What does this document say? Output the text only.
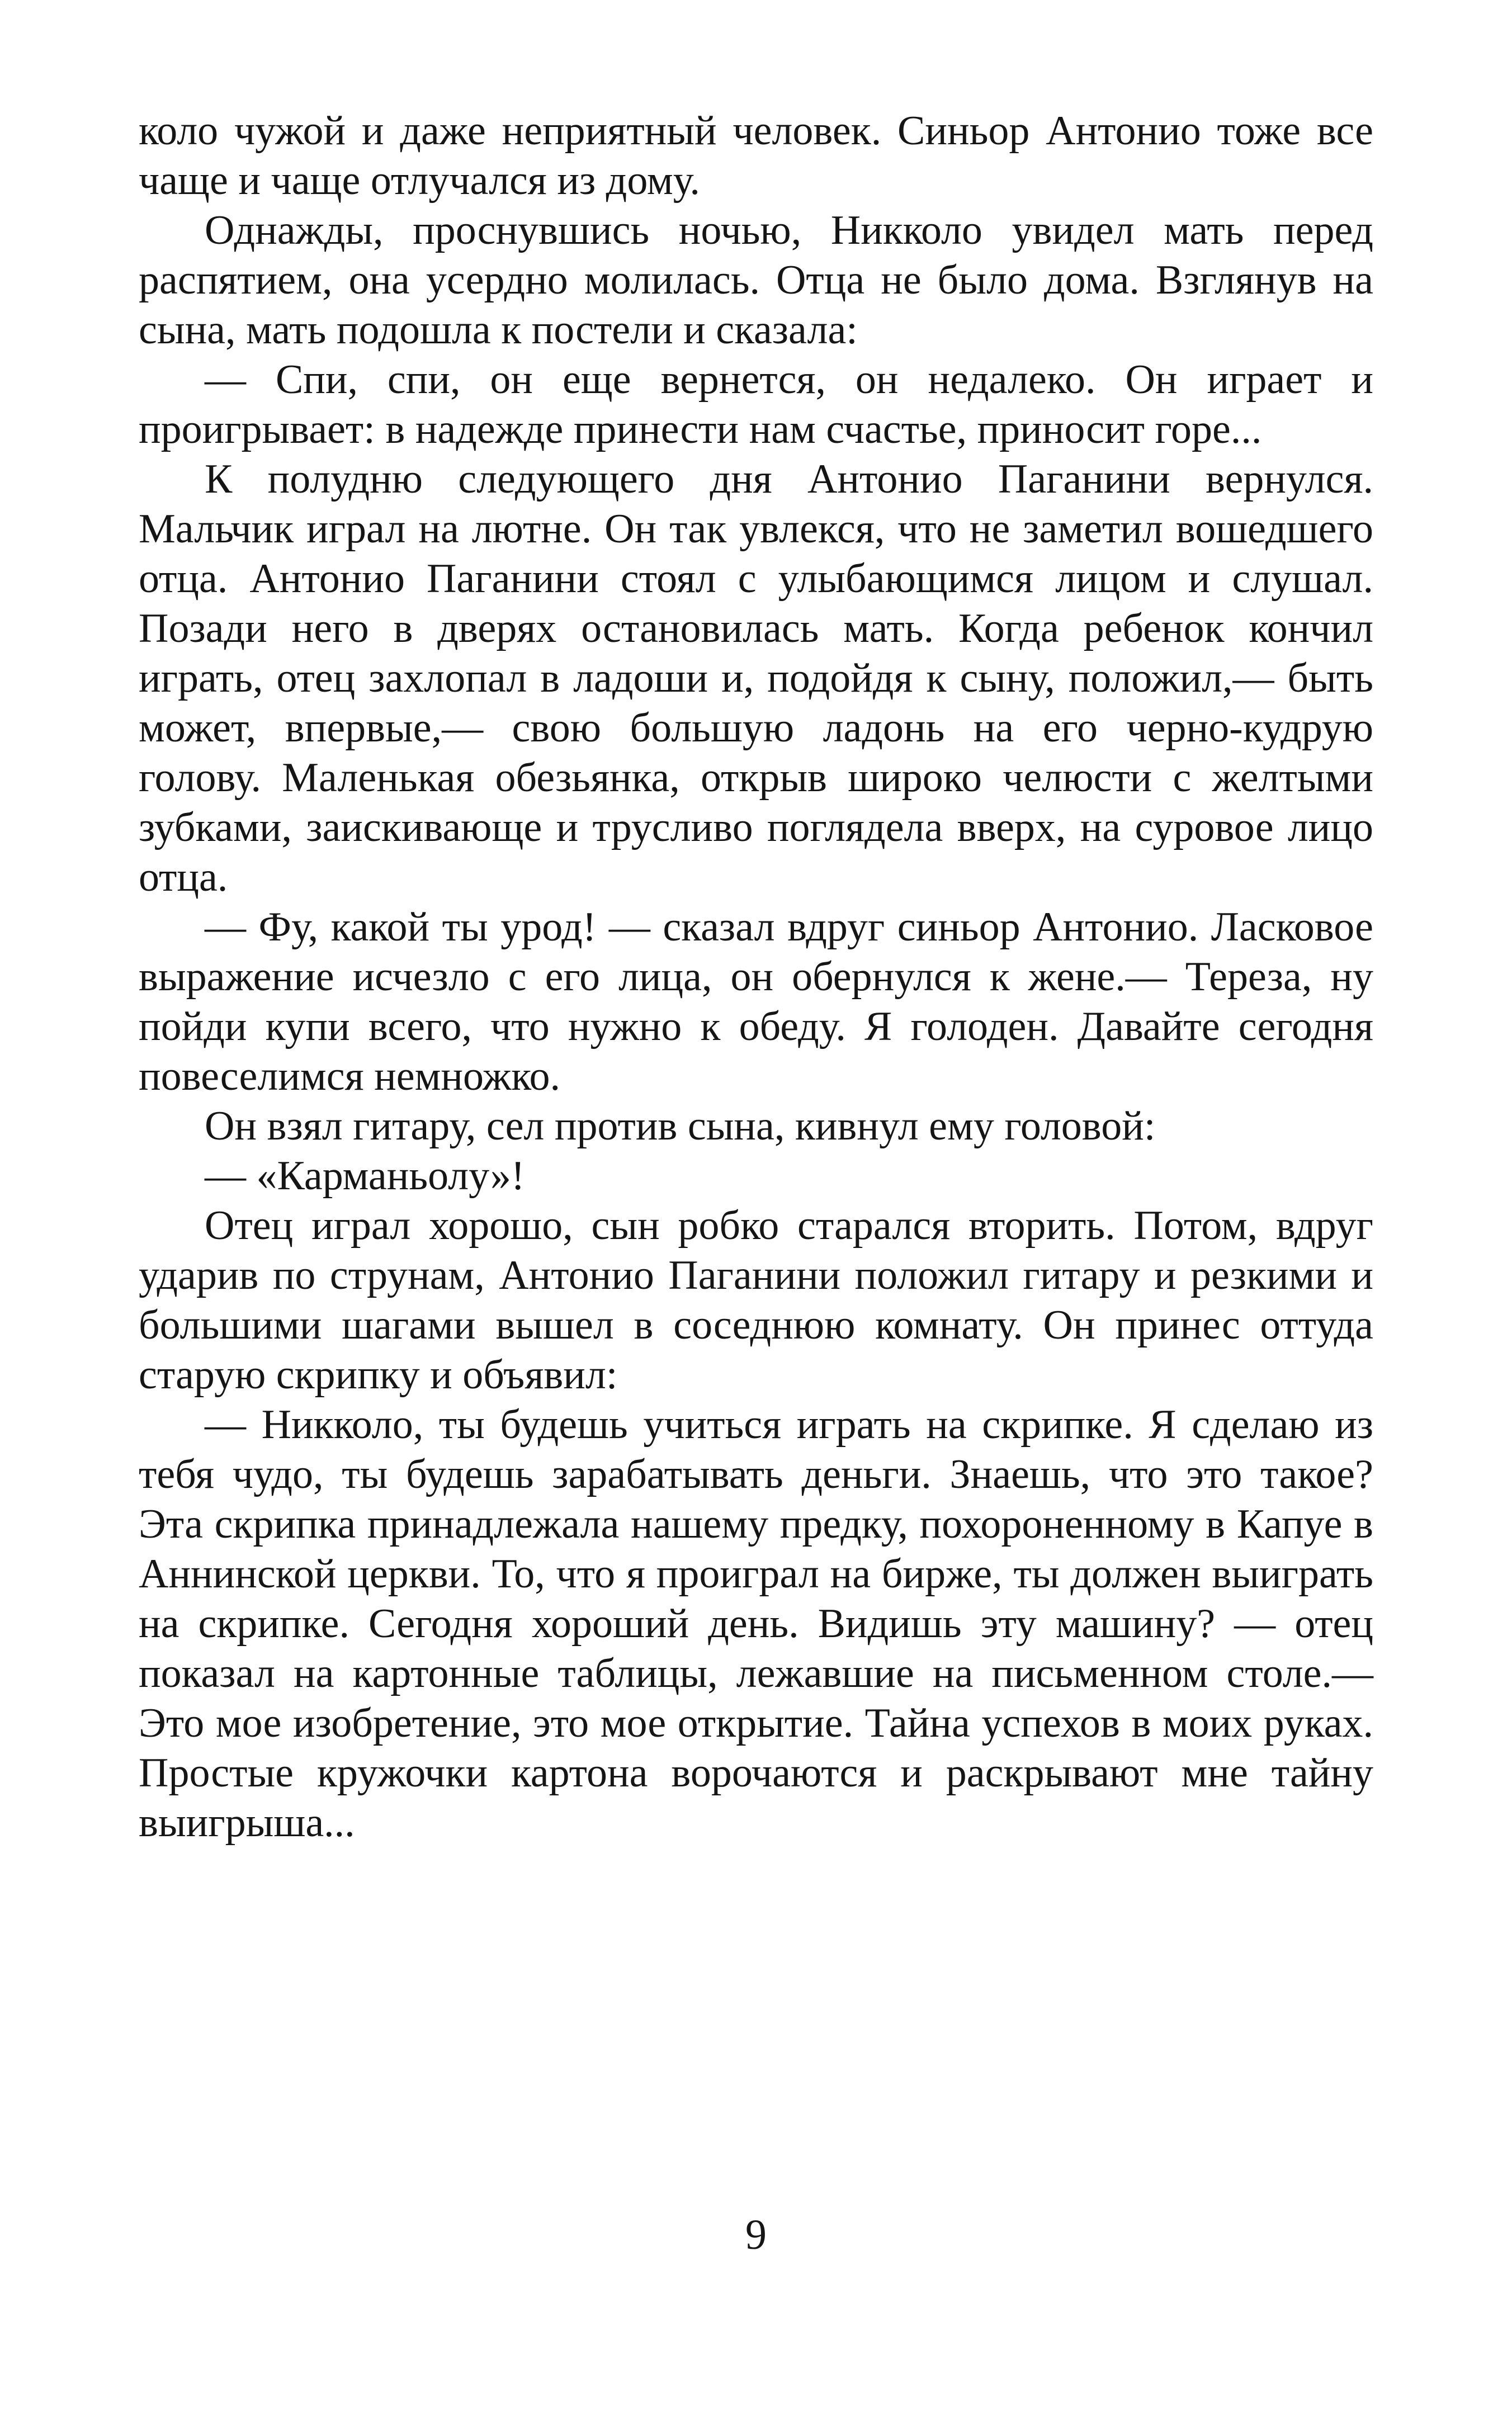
коло чужой и даже неприятный человек. Синьор Антонио тоже все чаще и чаще отлучался из дому.

Однажды, проснувшись ночью, Никколо увидел мать перед распятием, она усердно молилась. Отца не было дома. Взглянув на сына, мать подошла к постели и сказала:

— Спи, спи, он еще вернется, он недалеко. Он играет и проигрывает: в надежде принести нам счастье, приносит горе...

К полудню следующего дня Антонио Паганини вернулся. Мальчик играл на лютне. Он так увлекся, что не заметил вошедшего отца. Антонио Паганини стоял с улыбающимся лицом и слушал. Позади него в дверях остановилась мать. Когда ребенок кончил играть, отец захлопал в ладоши и, подойдя к сыну, положил,— быть может, впервые,— свою большую ладонь на его черно-кудрую голову. Маленькая обезьянка, открыв широко челюсти с желтыми зубками, заискивающе и трусливо поглядела вверх, на суровое лицо отца.

— Фу, какой ты урод! — сказал вдруг синьор Антонио. Ласковое выражение исчезло с его лица, он обернулся к жене.— Тереза, ну пойди купи всего, что нужно к обеду. Я голоден. Давайте сегодня повеселимся немножко.

Он взял гитару, сел против сына, кивнул ему головой:

— «Карманьолу»!

Отец играл хорошо, сын робко старался вторить. Потом, вдруг ударив по струнам, Антонио Паганини положил гитару и резкими и большими шагами вышел в соседнюю комнату. Он принес оттуда старую скрипку и объявил:

— Никколо, ты будешь учиться играть на скрипке. Я сделаю из тебя чудо, ты будешь зарабатывать деньги. Знаешь, что это такое? Эта скрипка принадлежала нашему предку, похороненному в Капуе в Аннинской церкви. То, что я проиграл на бирже, ты должен выиграть на скрипке. Сегодня хороший день. Видишь эту машину? — отец показал на картонные таблицы, лежавшие на письменном столе.— Это мое изобретение, это мое открытие. Тайна успехов в моих руках. Простые кружочки картона ворочаются и раскрывают мне тайну выигрыша...

9
